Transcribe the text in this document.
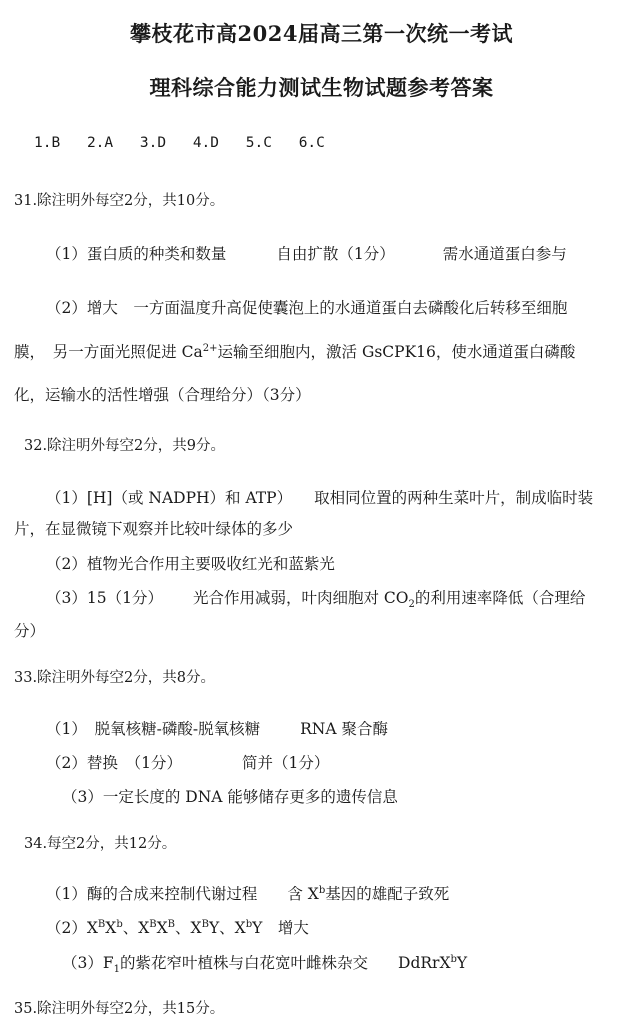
攀枝花市高2024届高三第一次统一考试
理科综合能力测试生物试题参考答案
1.B 2.A 3.D 4.D 5.C 6.C
31.除注明外每空2分，共10分。
（1）蛋白质的种类和数量	自由扩散（1分）	需水通道蛋白参与
（2）增大　一方面温度升高促使囊泡上的水通道蛋白去磷酸化后转移至细胞
膜，　另一方面光照促进 $Ca^{2+}$运输至细胞内，激活 GsCPK16，使水通道蛋白磷酸
化，运输水的活性增强（合理给分）（3分）
32.除注明外每空2分，共9分。
（1）[H]（或 NADPH）和 ATP） 取相同位置的两种生菜叶片，制成临时装
片，在显微镜下观察并比较叶绿体的多少
（2）植物光合作用主要吸收红光和蓝紫光
（3）15（1分） 光合作用减弱，叶肉细胞对 $CO_2$的利用速率降低（合理给
分）
33.除注明外每空2分，共8分。
（1）　脱氧核糖-磷酸-脱氧核糖	RNA 聚合酶
（2）替换　（1分）	简并（1分）
（3）一定长度的 DNA 能够储存更多的遗传信息
34.每空2分，共12分。
（1）酶的合成来控制代谢过程 含 $X^b$基因的雄配子致死
$(2)X^BX^b$、$X^BX^B$、$X^BY$、$X^bY$　增大
$(3)F_1$的紫花窄叶植株与白花宽叶雌株杂交 DdRrX$^b$Y
35.除注明外每空2分，共15分。
